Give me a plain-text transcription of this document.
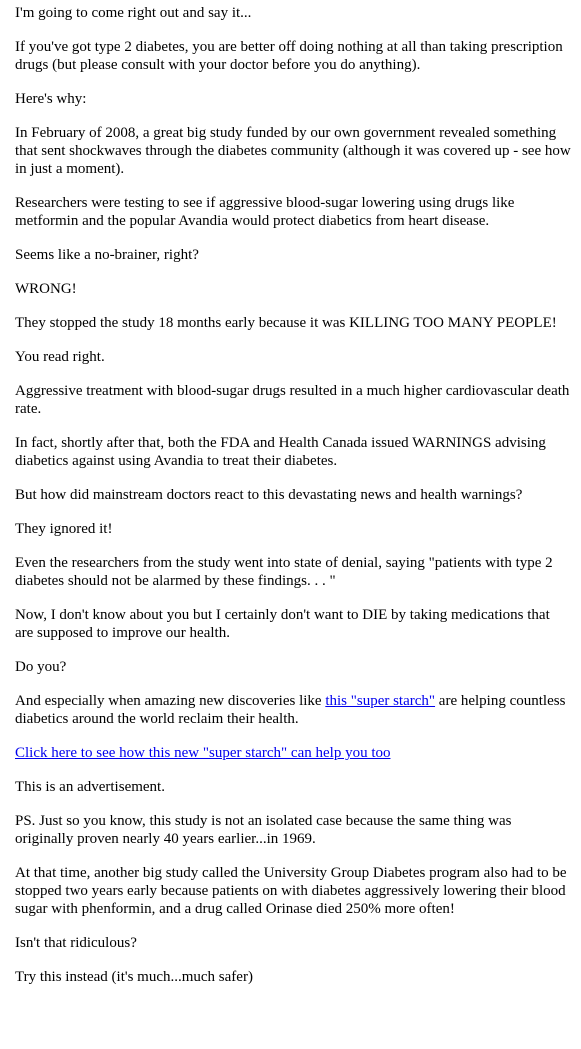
I'm going to come right out and say it...

If you've got type 2 diabetes, you are better off doing nothing at all than taking prescription drugs (but please consult with your doctor before you do anything).

Here's why:

In February of 2008, a great big study funded by our own government revealed something that sent shockwaves through the diabetes community (although it was covered up - see how in just a moment).

Researchers were testing to see if aggressive blood-sugar lowering using drugs like metformin and the popular Avandia would protect diabetics from heart disease.

Seems like a no-brainer, right?

WRONG!

They stopped the study 18 months early because it was KILLING TOO MANY PEOPLE!

You read right.

Aggressive treatment with blood-sugar drugs resulted in a much higher cardiovascular death rate.

In fact, shortly after that, both the FDA and Health Canada issued WARNINGS advising diabetics against using Avandia to treat their diabetes.

But how did mainstream doctors react to this devastating news and health warnings?

They ignored it!

Even the researchers from the study went into state of denial, saying "patients with type 2 diabetes should not be alarmed by these findings. . . "

Now, I don't know about you but I certainly don't want to DIE by taking medications that are supposed to improve our health.

Do you?

And especially when amazing new discoveries like this "super starch" are helping countless diabetics around the world reclaim their health.

Click here to see how this new "super starch" can help you too

This is an advertisement.

PS. Just so you know, this study is not an isolated case because the same thing was originally proven nearly 40 years earlier...in 1969.

At that time, another big study called the University Group Diabetes program also had to be stopped two years early because patients on with diabetes aggressively lowering their blood sugar with phenformin, and a drug called Orinase died 250% more often!

Isn't that ridiculous?

Try this instead (it's much...much safer)
